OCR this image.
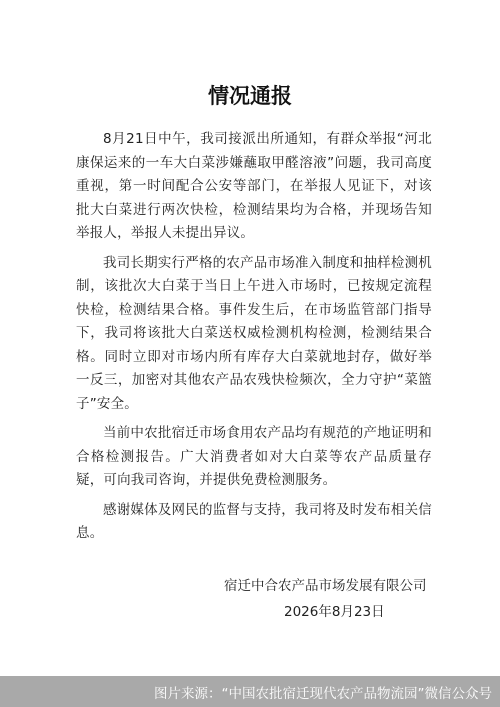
情况通报

8月21日中午，我司接派出所通知，有群众举报“河北康保运来的一车大白菜涉嫌蘸取甲醛溶液”问题，我司高度重视，第一时间配合公安等部门，在举报人见证下，对该批大白菜进行两次快检，检测结果均为合格，并现场告知举报人，举报人未提出异议。

我司长期实行严格的农产品市场准入制度和抽样检测机制，该批次大白菜于当日上午进入市场时，已按规定流程快检，检测结果合格。事件发生后，在市场监管部门指导下，我司将该批大白菜送权威检测机构检测，检测结果合格。同时立即对市场内所有库存大白菜就地封存，做好举一反三，加密对其他农产品农残快检频次，全力守护“菜篮子”安全。

当前中农批宿迁市场食用农产品均有规范的产地证明和合格检测报告。广大消费者如对大白菜等农产品质量存疑，可向我司咨询，并提供免费检测服务。

感谢媒体及网民的监督与支持，我司将及时发布相关信息。

宿迁中合农产品市场发展有限公司

2026年8月23日

图片来源：“中国农批宿迁现代农产品物流园”微信公众号
